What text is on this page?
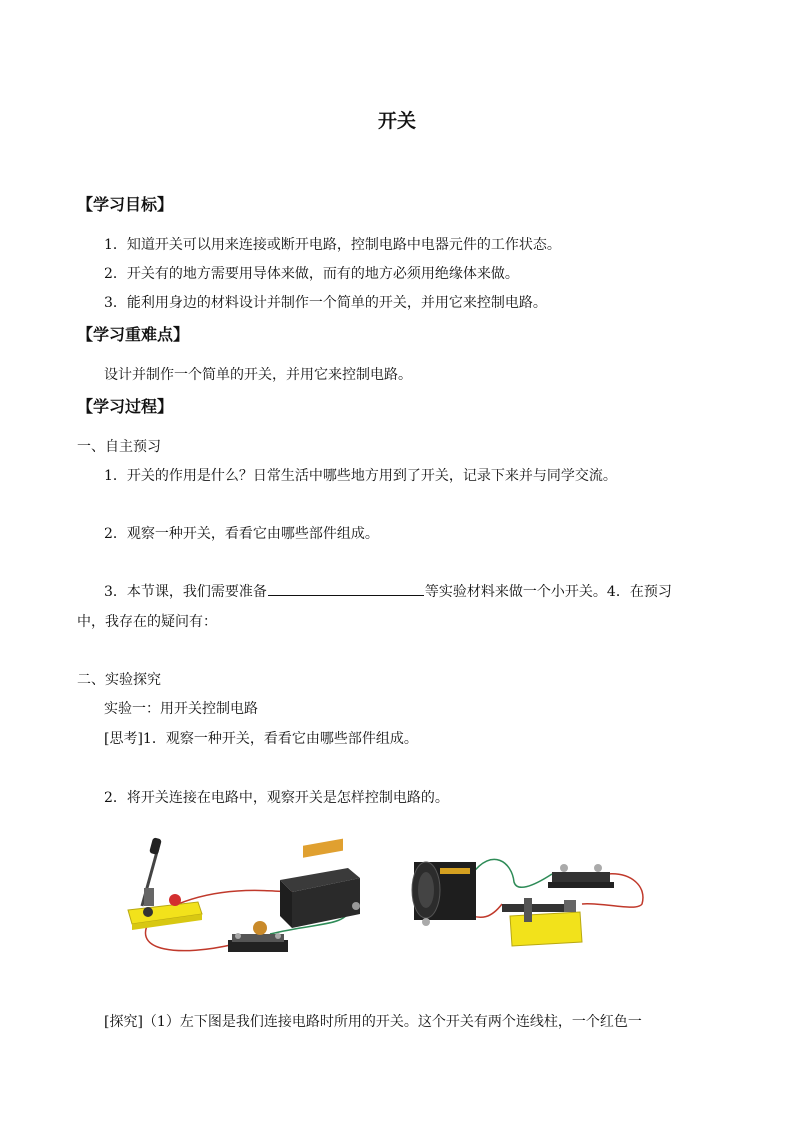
开关
【学习目标】
1．知道开关可以用来连接或断开电路，控制电路中电器元件的工作状态。
2．开关有的地方需要用导体来做，而有的地方必须用绝缘体来做。
3．能利用身边的材料设计并制作一个简单的开关，并用它来控制电路。
【学习重难点】
设计并制作一个简单的开关，并用它来控制电路。
【学习过程】
一、自主预习
1．开关的作用是什么？日常生活中哪些地方用到了开关，记录下来并与同学交流。
2．观察一种开关，看看它由哪些部件组成。
3．本节课，我们需要准备	等实验材料来做一个小开关。4．在预习
中，我存在的疑问有：
二、实验探究
实验一：用开关控制电路
[思考]1．观察一种开关，看看它由哪些部件组成。
2．将开关连接在电路中，观察开关是怎样控制电路的。
[探究]（1）左下图是我们连接电路时所用的开关。这个开关有两个连线柱，一个红色一
